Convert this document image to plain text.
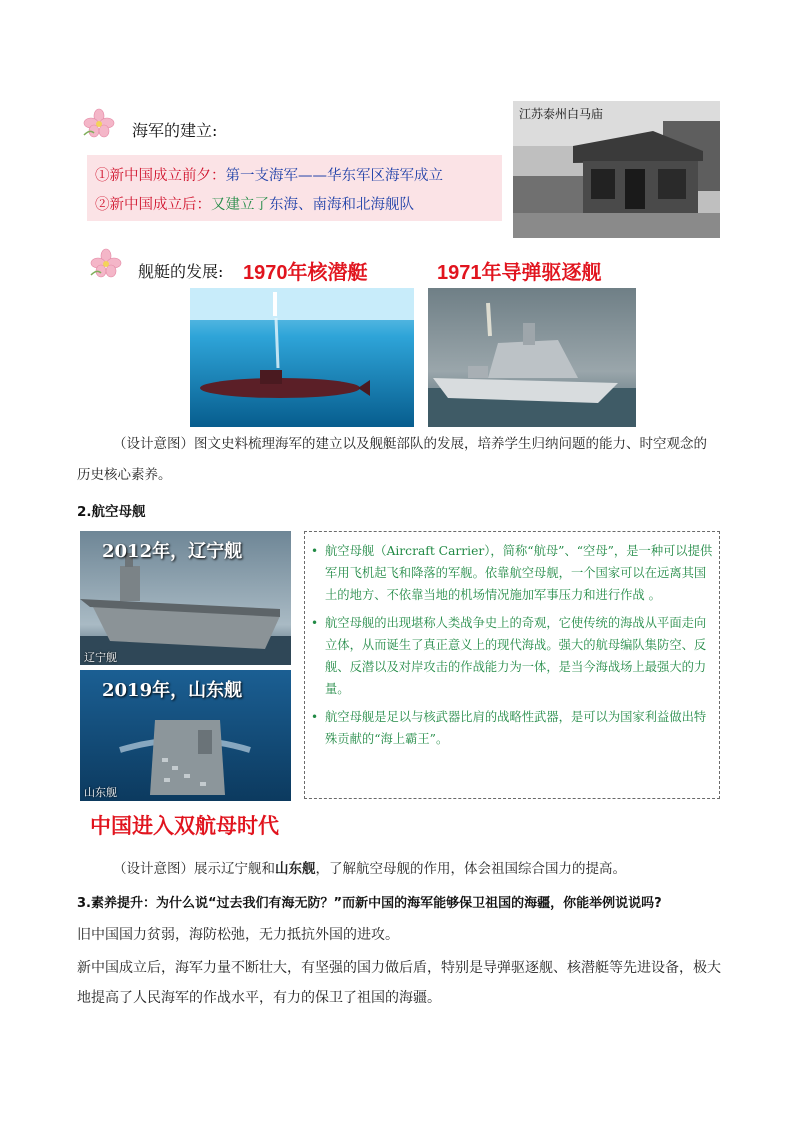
海军的建立:
①新中国成立前夕：第一支海军——华东军区海军成立
②新中国成立后：又建立了东海、南海和北海舰队
江苏泰州白马庙
舰艇的发展: 1970年核潜艇	1971年导弹驱逐舰
（设计意图）图文史料梳理海军的建立以及舰艇部队的发展，培养学生归纳问题的能力、时空观念的
历史核心素养。
2.航空母舰
2012年，辽宁舰
辽宁舰
2019年，山东舰
山东舰
• 航空母舰（Aircraft Carrier），简称“航母”、“空母”，是一种可以提供军用飞机起飞和降落的军舰。依靠航空母舰，一个国家可以在远离其国土的地方、不依靠当地的机场情况施加军事压力和进行作战 。
• 航空母舰的出现堪称人类战争史上的奇观，它使传统的海战从平面走向立体，从而诞生了真正意义上的现代海战。强大的航母编队集防空、反舰、反潜以及对岸攻击的作战能力为一体，是当今海战场上最强大的力量。
• 航空母舰是足以与核武器比肩的战略性武器，是可以为国家利益做出特殊贡献的“海上霸王”。
中国进入双航母时代
（设计意图）展示辽宁舰和山东舰，了解航空母舰的作用，体会祖国综合国力的提高。
3.素养提升：为什么说“过去我们有海无防？”而新中国的海军能够保卫祖国的海疆，你能举例说说吗?
旧中国国力贫弱，海防松弛，无力抵抗外国的进攻。
新中国成立后，海军力量不断壮大，有坚强的国力做后盾，特别是导弹驱逐舰、核潜艇等先进设备，极大地提高了人民海军的作战水平，有力的保卫了祖国的海疆。
